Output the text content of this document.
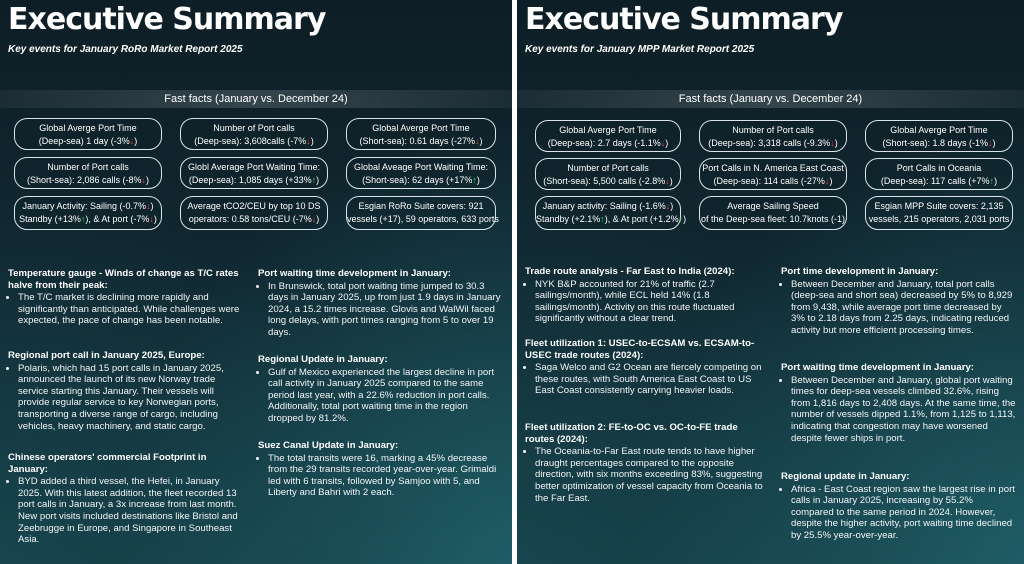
Executive Summary
Key events for January RoRo Market Report 2025
Fast facts (January vs. December 24)
Global Averge Port Time
(Deep-sea) 1 day (-3%↓)
Number of Port calls
(Deep-sea): 3,608calls (-7%↓)
Global Averge Port Time
(Short-sea): 0.61 days (-27%↓)
Number of Port calls
(Short-sea): 2,086 calls (-8%↓)
Globl Average Port Waiting Time:
(Deep-sea): 1,085 days (+33%↑)
Global Aveage Port Waiting Time:
(Short-sea): 62 days (+17%↑)
January Activity: Sailing (-0.7%↓)
Standby (+13%↑), & At port (-7%↓)
Average tCO2/CEU by top 10 DS
operators: 0.58 tons/CEU (-7%↓)
Esgian RoRo Suite covers: 921
vessels (+17), 59 operators, 633 ports
Temperature gauge - Winds of change as T/C rates halve from their peak:
• The T/C market is declining more rapidly and significantly than anticipated. While challenges were expected, the pace of change has been notable.
Regional port call in January 2025, Europe:
• Polaris, which had 15 port calls in January 2025, announced the launch of its new Norway trade service starting this January. Their vessels will provide regular service to key Norwegian ports, transporting a diverse range of cargo, including vehicles, heavy machinery, and static cargo.
Chinese operators' commercial Footprint in January:
• BYD added a third vessel, the Hefei, in January 2025. With this latest addition, the fleet recorded 13 port calls in January, a 3x increase from last month. New port visits included destinations like Bristol and Zeebrugge in Europe, and Singapore in Southeast Asia.
Port waiting time development in January:
• In Brunswick, total port waiting time jumped to 30.3 days in January 2025, up from just 1.9 days in January 2024, a 15.2 times increase. Glovis and WalWil faced long delays, with port times ranging from 5 to over 19 days.
Regional Update in January:
• Gulf of Mexico experienced the largest decline in port call activity in January 2025 compared to the same period last year, with a 22.6% reduction in port calls. Additionally, total port waiting time in the region dropped by 81.2%.
Suez Canal Update in January:
• The total transits were 16, marking a 45% decrease from the 29 transits recorded year-over-year. Grimaldi led with 6 transits, followed by Samjoo with 5, and Liberty and Bahri with 2 each.
Executive Summary
Key events for January MPP Market Report 2025
Fast facts (January vs. December 24)
Global Averge Port Time
(Deep-sea): 2.7 days (-1.1%↓)
Number of Port calls
(Deep-sea): 3,318 calls (-9.3%↓)
Global Averge Port Time
(Short-sea): 1.8 days (-1%↓)
Number of Port calls
(Short-sea): 5,500 calls (-2.8%↓)
Port Calls in N. America East Coast
(Deep-sea): 114 calls (-27%↓)
Port Calls in Oceania
(Deep-sea): 117 calls (+7%↑)
January activity: Sailing (-1.6%↓)
Standby (+2.1%↑), & At port (+1.2%↑)
Average Sailing Speed
of the Deep-sea fleet: 10.7knots (-1)
Esgian MPP Suite covers: 2,135
vessels, 215 operators, 2,031 ports
Trade route analysis - Far East to India (2024):
• NYK B&P accounted for 21% of traffic (2.7 sailings/month), while ECL held 14% (1.8 sailings/month). Activity on this route fluctuated significantly without a clear trend.
Fleet utilization 1: USEC-to-ECSAM vs. ECSAM-to-USEC trade routes (2024):
• Saga Welco and G2 Ocean are fiercely competing on these routes, with South America East Coast to US East Coast consistently carrying heavier loads.
Fleet utilization 2: FE-to-OC vs. OC-to-FE trade routes (2024):
• The Oceania-to-Far East route tends to have higher draught percentages compared to the opposite direction, with six months exceeding 83%, suggesting better optimization of vessel capacity from Oceania to the Far East.
Port time development in January:
• Between December and January, total port calls (deep-sea and short sea) decreased by 5% to 8,929 from 9,438, while average port time decreased by 3% to 2.18 days from 2.25 days, indicating reduced activity but more efficient processing times.
Port waiting time development in January:
• Between December and January, global port waiting times for deep-sea vessels climbed 32.6%, rising from 1,816 days to 2,408 days. At the same time, the number of vessels dipped 1.1%, from 1,125 to 1,113, indicating that congestion may have worsened despite fewer ships in port.
Regional update in January:
• Africa - East Coast region saw the largest rise in port calls in January 2025, increasing by 55.2% compared to the same period in 2024. However, despite the higher activity, port waiting time declined by 25.5% year-over-year.
